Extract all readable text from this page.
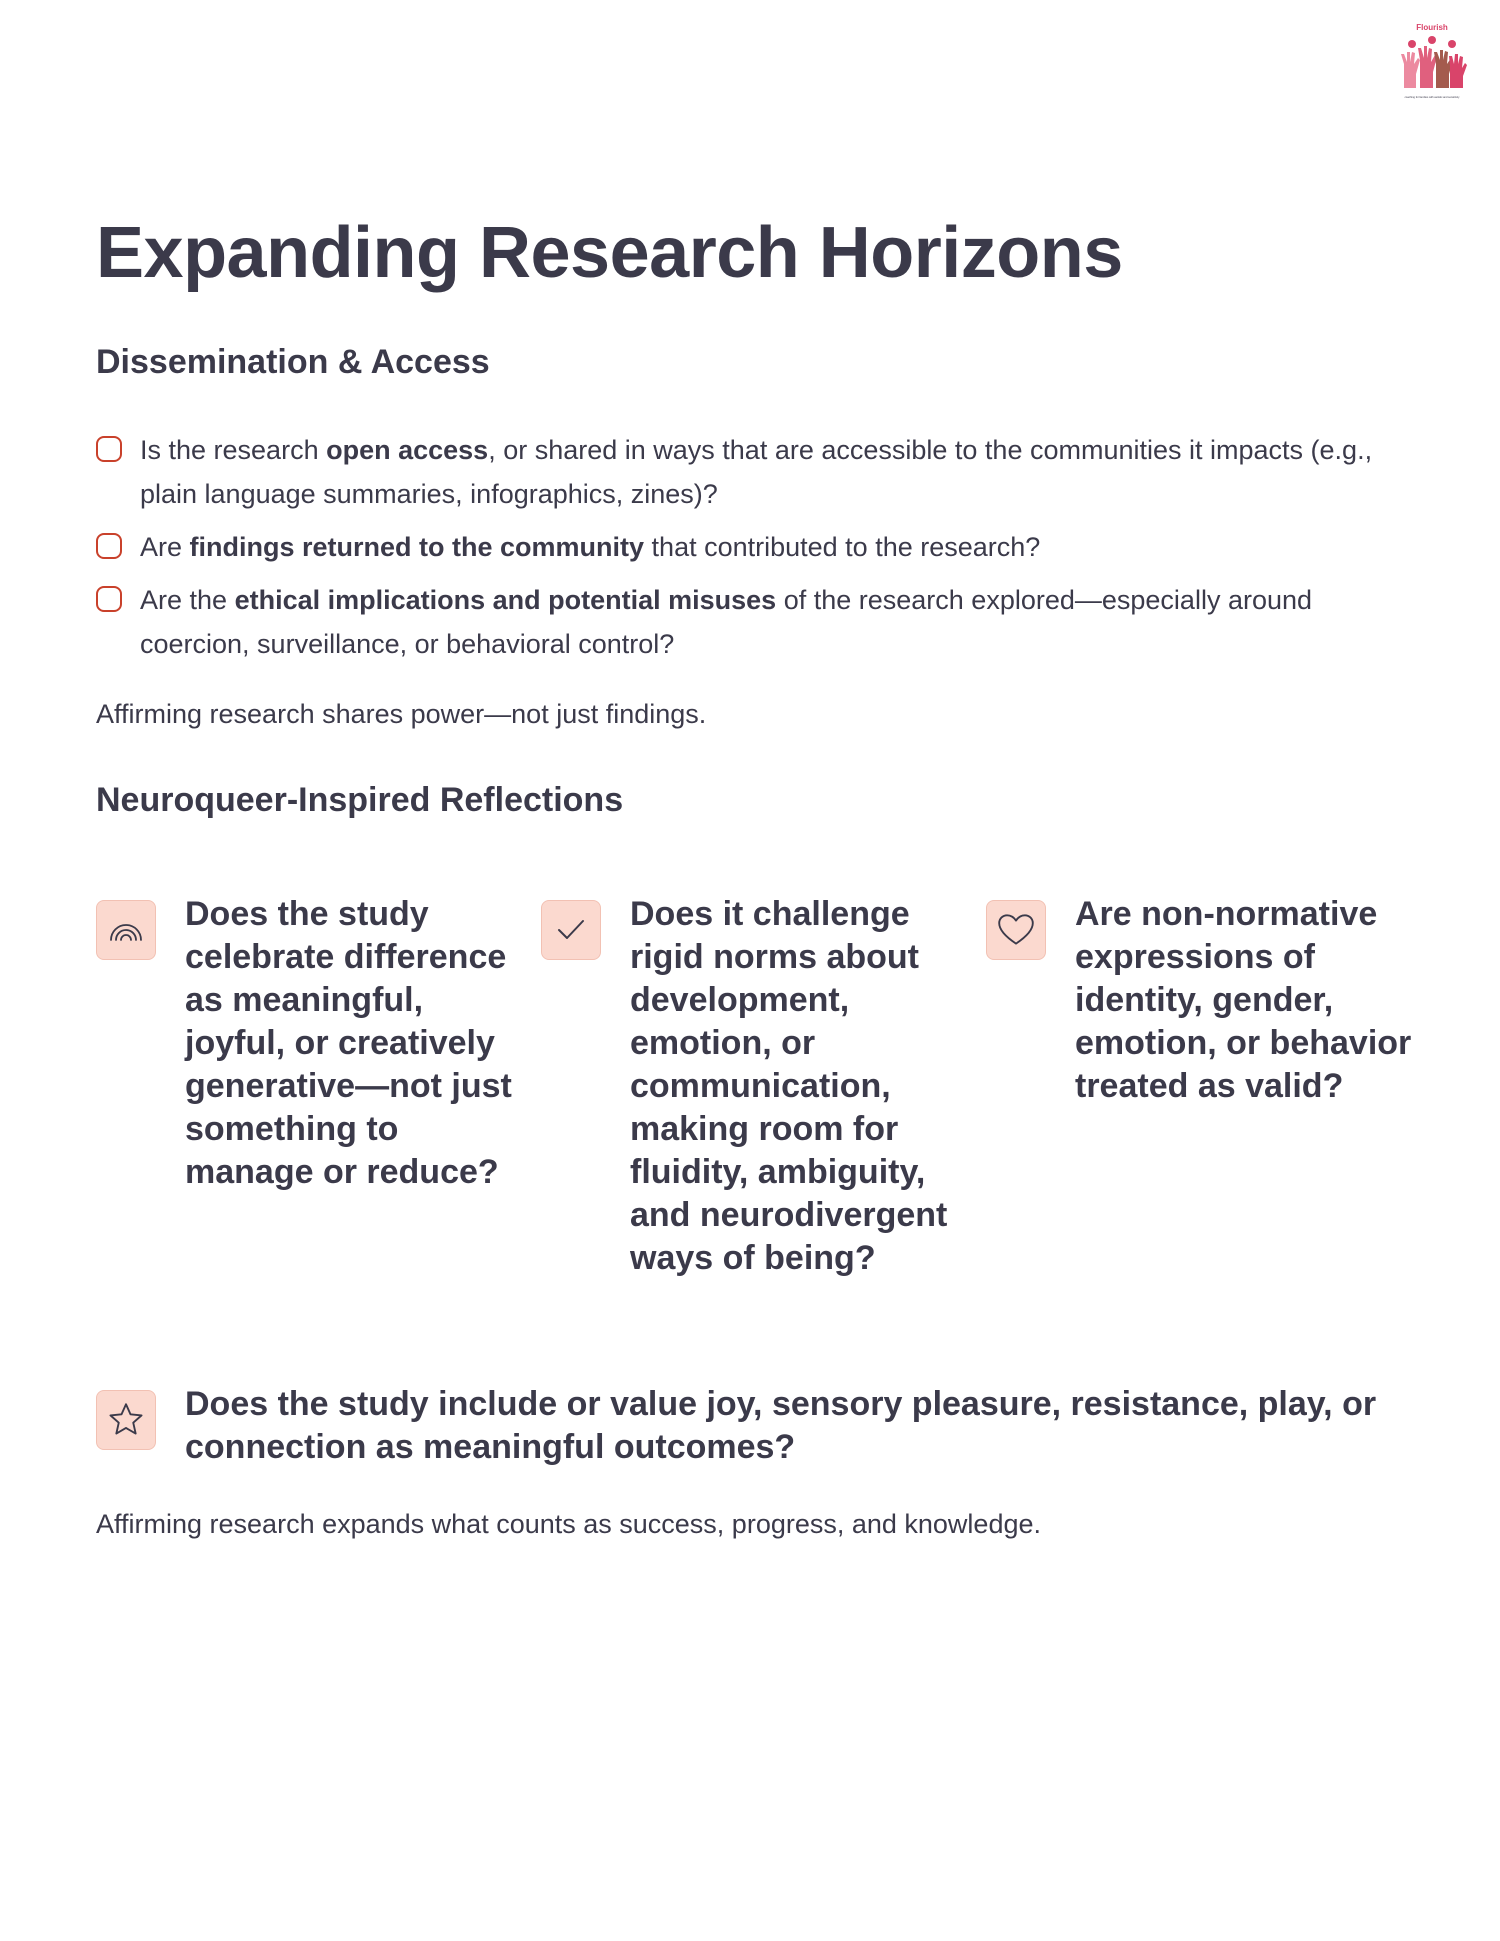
Flourish
coaching for families with autistic and sensitivity
Expanding Research Horizons
Dissemination & Access
Is the research open access, or shared in ways that are accessible to the communities it impacts (e.g., plain language summaries, infographics, zines)?
Are findings returned to the community that contributed to the research?
Are the ethical implications and potential misuses of the research explored—especially around coercion, surveillance, or behavioral control?

Affirming research shares power—not just findings.

Neuroqueer-Inspired Reflections

Does the study celebrate difference as meaningful, joyful, or creatively generative—not just something to manage or reduce?

Does it challenge rigid norms about development, emotion, or communication, making room for fluidity, ambiguity, and neurodivergent ways of being?

Are non-normative expressions of identity, gender, emotion, or behavior treated as valid?

Does the study include or value joy, sensory pleasure, resistance, play, or connection as meaningful outcomes?

Affirming research expands what counts as success, progress, and knowledge.
